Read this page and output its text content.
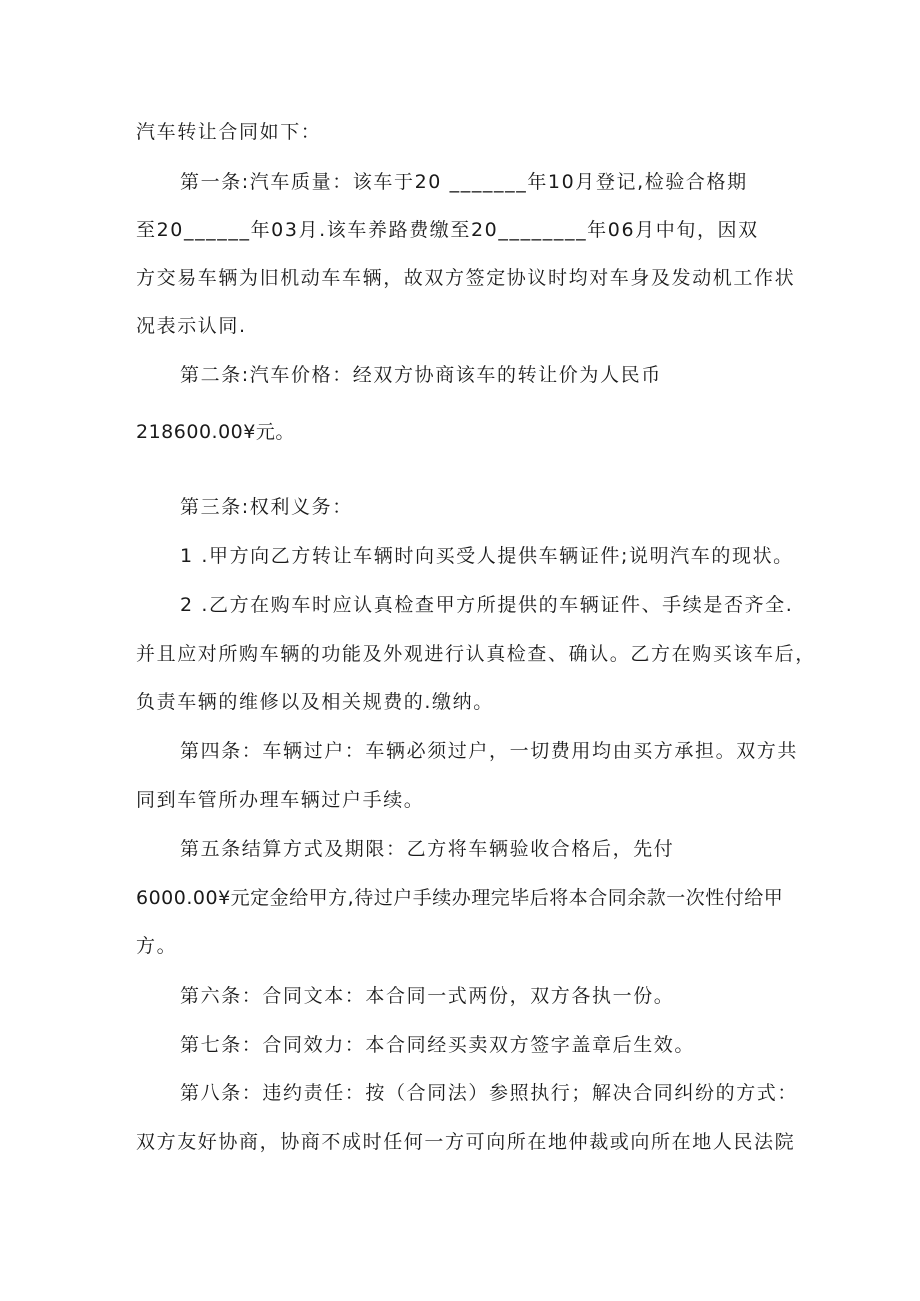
汽车转让合同如下：
第一条:汽车质量：该车于20 _______年10月登记,检验合格期
至20______年03月.该车养路费缴至20________年06月中旬，因双
方交易车辆为旧机动车车辆，故双方签定协议时均对车身及发动机工作状
况表示认同.
第二条:汽车价格：经双方协商该车的转让价为人民币
218600.00¥元。
第三条:权利义务：
1 .甲方向乙方转让车辆时向买受人提供车辆证件;说明汽车的现状。
2 .乙方在购车时应认真检查甲方所提供的车辆证件、手续是否齐全.
并且应对所购车辆的功能及外观进行认真检查、确认。乙方在购买该车后，
负责车辆的维修以及相关规费的.缴纳。
第四条：车辆过户：车辆必须过户，一切费用均由买方承担。双方共
同到车管所办理车辆过户手续。
第五条结算方式及期限：乙方将车辆验收合格后，先付
6000.00¥元定金给甲方,待过户手续办理完毕后将本合同余款一次性付给甲
方。
第六条：合同文本：本合同一式两份，双方各执一份。
第七条：合同效力：本合同经买卖双方签字盖章后生效。
第八条：违约责任：按（合同法）参照执行；解决合同纠纷的方式：
双方友好协商，协商不成时任何一方可向所在地仲裁或向所在地人民法院
